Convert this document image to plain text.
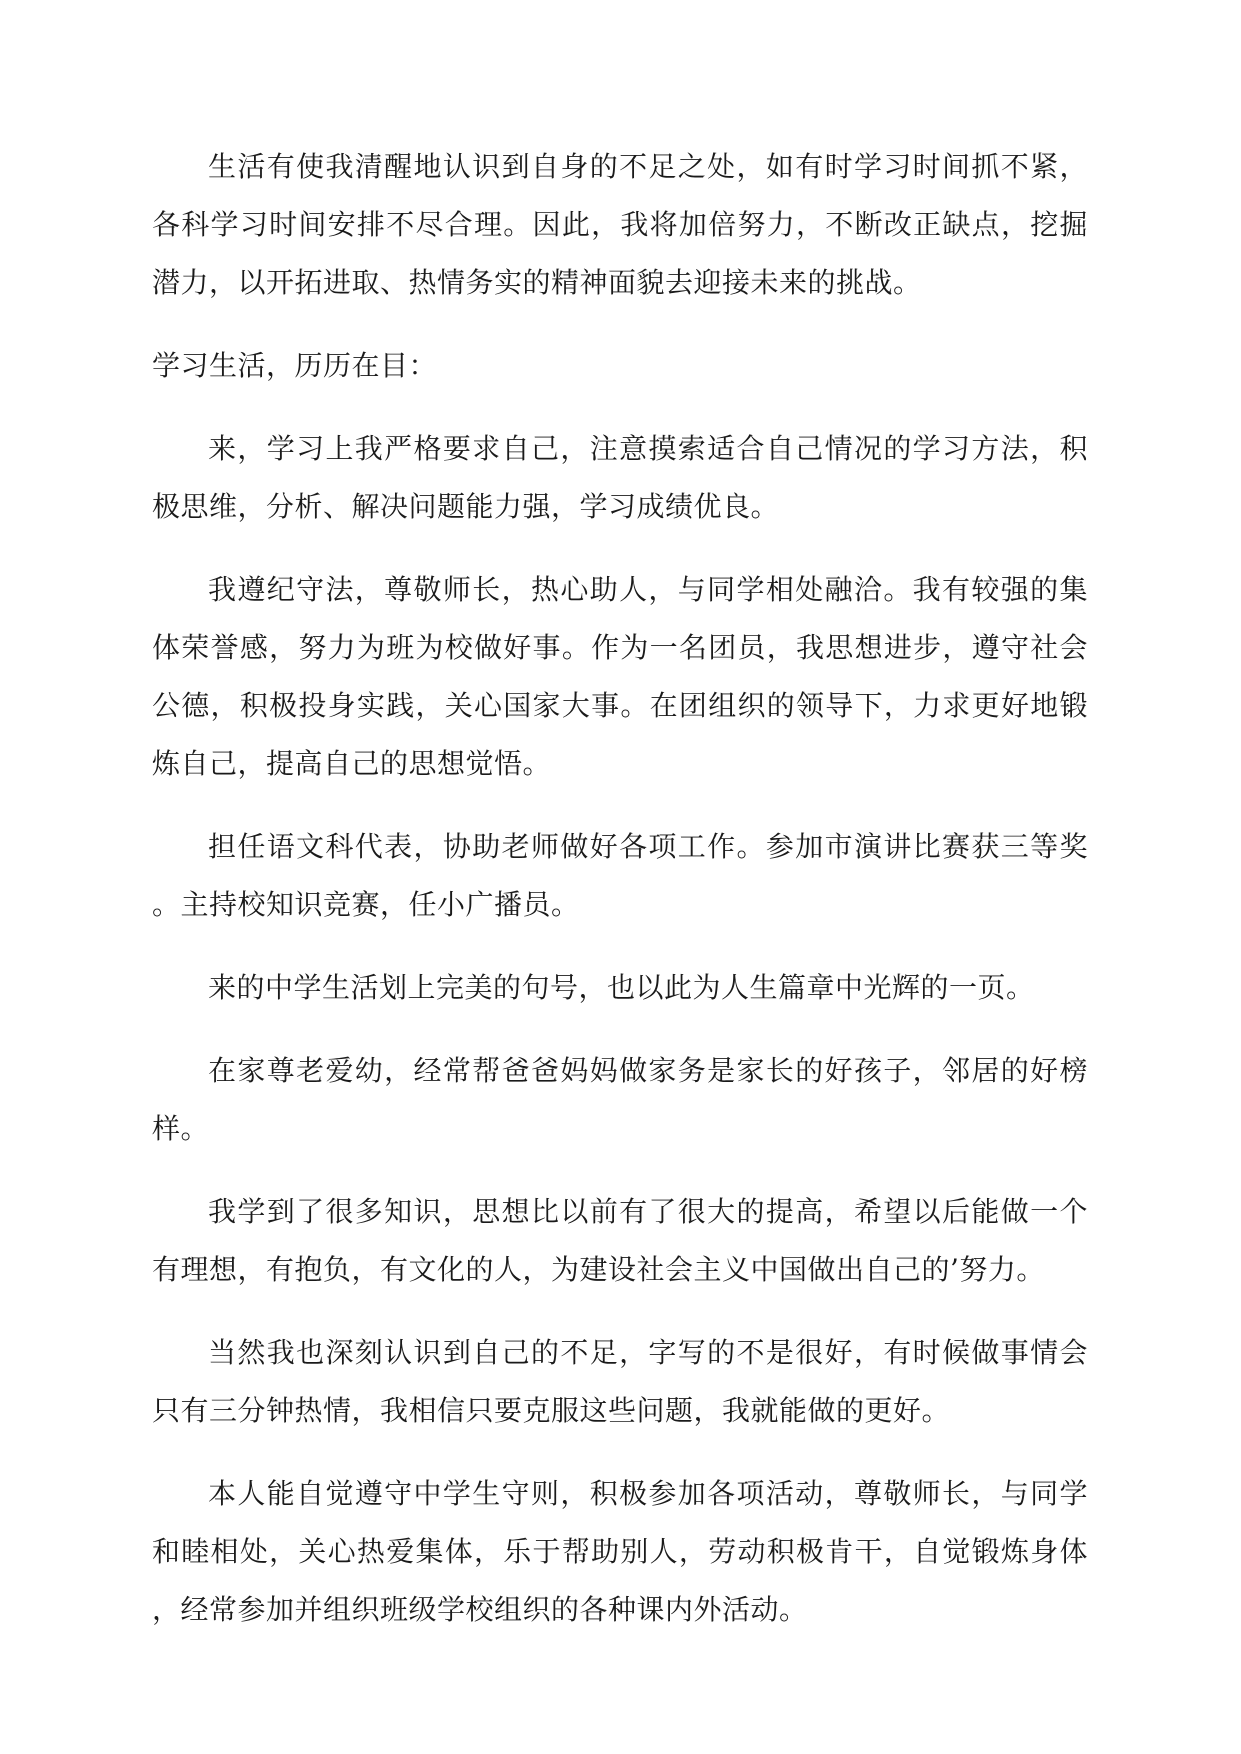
生活有使我清醒地认识到自身的不足之处，如有时学习时间抓不紧，
各科学习时间安排不尽合理。因此，我将加倍努力，不断改正缺点，挖掘
潜力，以开拓进取、热情务实的精神面貌去迎接未来的挑战。
学习生活，历历在目：
来，学习上我严格要求自己，注意摸索适合自己情况的学习方法，积
极思维，分析、解决问题能力强，学习成绩优良。
我遵纪守法，尊敬师长，热心助人，与同学相处融洽。我有较强的集
体荣誉感，努力为班为校做好事。作为一名团员，我思想进步，遵守社会
公德，积极投身实践，关心国家大事。在团组织的领导下，力求更好地锻
炼自己，提高自己的思想觉悟。
担任语文科代表，协助老师做好各项工作。参加市演讲比赛获三等奖
。主持校知识竞赛，任小广播员。
来的中学生活划上完美的句号，也以此为人生篇章中光辉的一页。
在家尊老爱幼，经常帮爸爸妈妈做家务是家长的好孩子，邻居的好榜
样。
我学到了很多知识，思想比以前有了很大的提高，希望以后能做一个
有理想，有抱负，有文化的人，为建设社会主义中国做出自己的’努力。
当然我也深刻认识到自己的不足，字写的不是很好，有时候做事情会
只有三分钟热情，我相信只要克服这些问题，我就能做的更好。
本人能自觉遵守中学生守则，积极参加各项活动，尊敬师长，与同学
和睦相处，关心热爱集体，乐于帮助别人，劳动积极肯干，自觉锻炼身体
，经常参加并组织班级学校组织的各种课内外活动。
